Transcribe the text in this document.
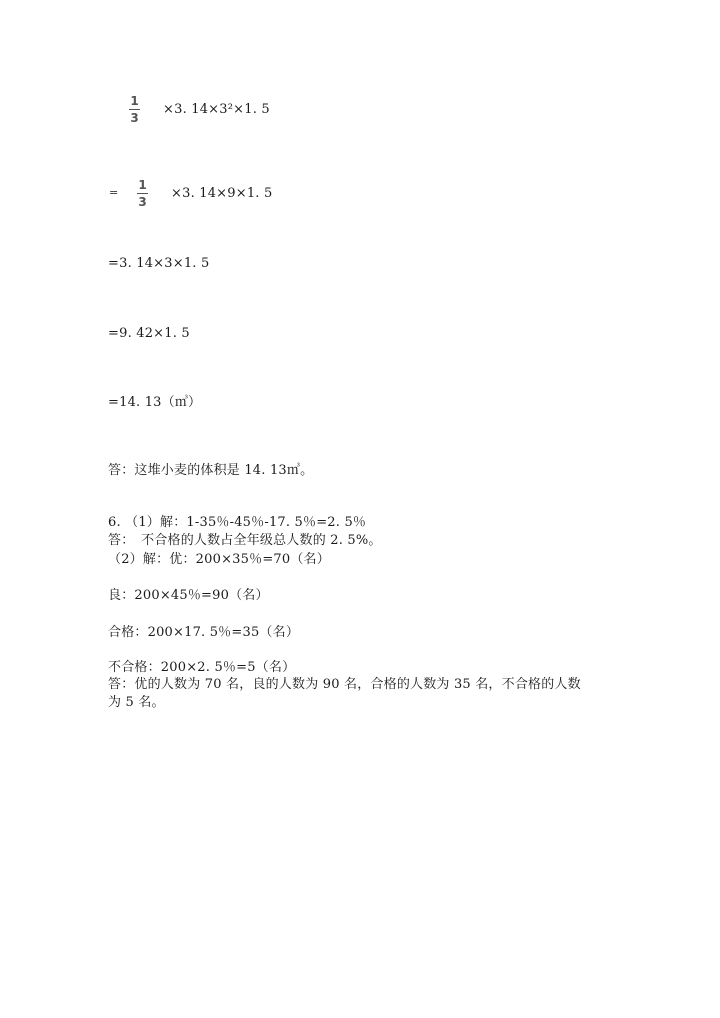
1
3
×3. 14×3²×1. 5
=
1
3
×3. 14×9×1. 5
=3. 14×3×1. 5
=9. 42×1. 5
=14. 13（㎥）
答：这堆小麦的体积是 14. 13㎥。
6. （1）解：1-35％-45％-17. 5％=2. 5％
答：　不合格的人数占全年级总人数的 2. 5%。
（2）解：优：200×35％=70（名）
良：200×45％=90（名）
合格：200×17. 5％=35（名）
不合格：200×2. 5％=5（名）
答：优的人数为 70 名，良的人数为 90 名，合格的人数为 35 名，不合格的人数
为 5 名。
